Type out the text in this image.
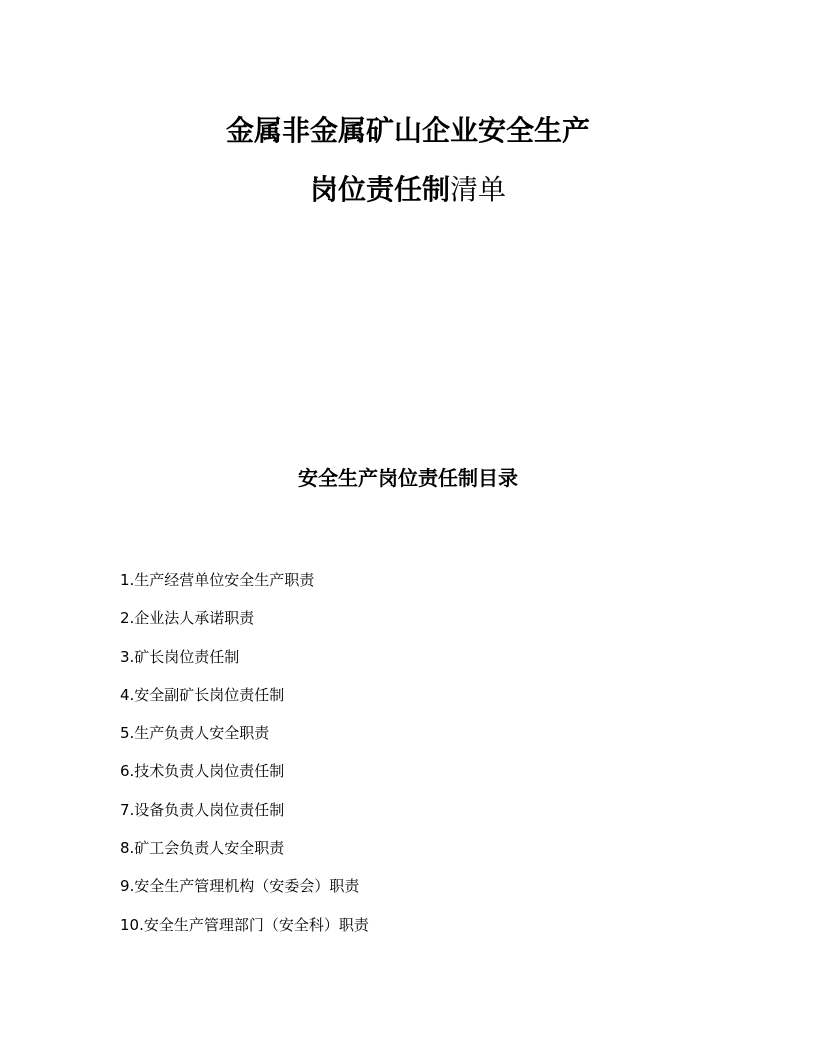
金属非金属矿山企业安全生产
岗位责任制清单
安全生产岗位责任制目录
1.生产经营单位安全生产职责
2.企业法人承诺职责
3.矿长岗位责任制
4.安全副矿长岗位责任制
5.生产负责人安全职责
6.技术负责人岗位责任制
7.设备负责人岗位责任制
8.矿工会负责人安全职责
9.安全生产管理机构（安委会）职责
10.安全生产管理部门（安全科）职责
